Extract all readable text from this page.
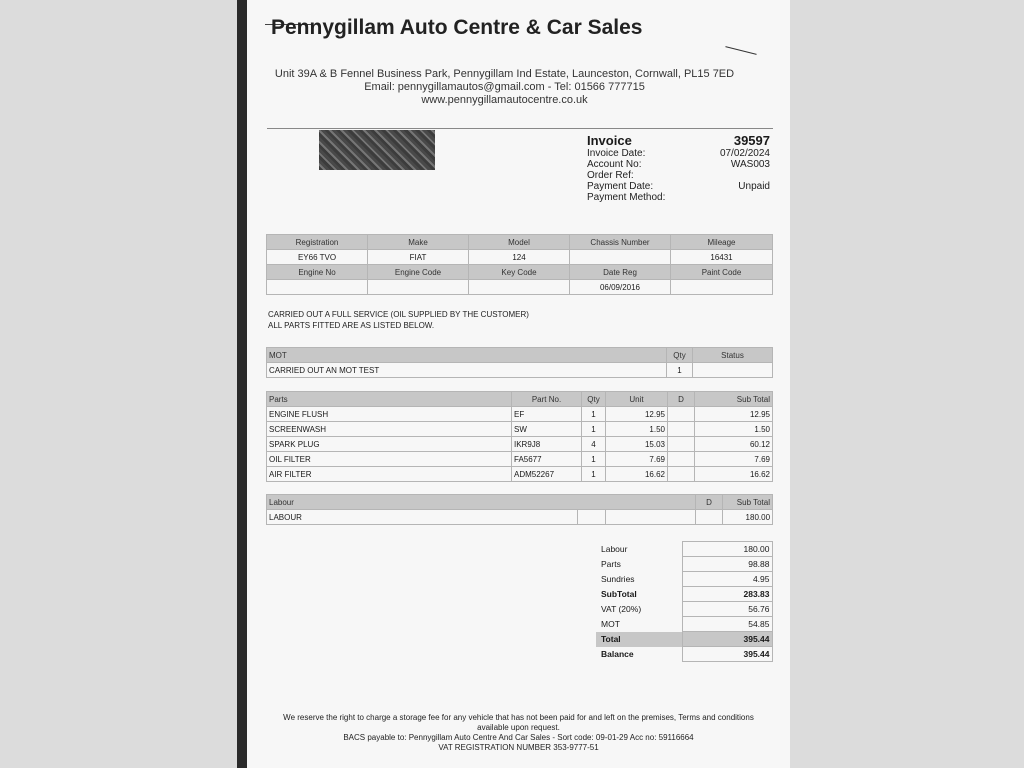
Pennygillam Auto Centre & Car Sales
Unit 39A & B Fennel Business Park, Pennygillam Ind Estate, Launceston, Cornwall, PL15 7ED
Email: pennygillamautos@gmail.com - Tel: 01566 777715
www.pennygillamautocentre.co.uk
Invoice	39597
Invoice Date:	07/02/2024
Account No:	WAS003
Order Ref:
Payment Date:	Unpaid
Payment Method:
Registration	Make	Model	Chassis Number	Mileage
EY66 TVO	FIAT	124		16431
Engine No	Engine Code	Key Code	Date Reg	Paint Code
			06/09/2016	
CARRIED OUT A FULL SERVICE (OIL SUPPLIED BY THE CUSTOMER)
ALL PARTS FITTED ARE AS LISTED BELOW.
MOT	Qty	Status
CARRIED OUT AN MOT TEST	1	
Parts	Part No.	Qty	Unit	D	Sub Total
ENGINE FLUSH	EF	1	12.95		12.95
SCREENWASH	SW	1	1.50		1.50
SPARK PLUG	IKR9J8	4	15.03		60.12
OIL FILTER	FA5677	1	7.69		7.69
AIR FILTER	ADM52267	1	16.62		16.62
Labour			D	Sub Total
LABOUR				180.00
Labour	180.00
Parts	98.88
Sundries	4.95
SubTotal	283.83
VAT (20%)	56.76
MOT	54.85
Total	395.44
Balance	395.44
We reserve the right to charge a storage fee for any vehicle that has not been paid for and left on the premises, Terms and conditions
available upon request.
BACS payable to: Pennygillam Auto Centre And Car Sales - Sort code: 09-01-29 Acc no: 59116664
VAT REGISTRATION NUMBER 353-9777-51
